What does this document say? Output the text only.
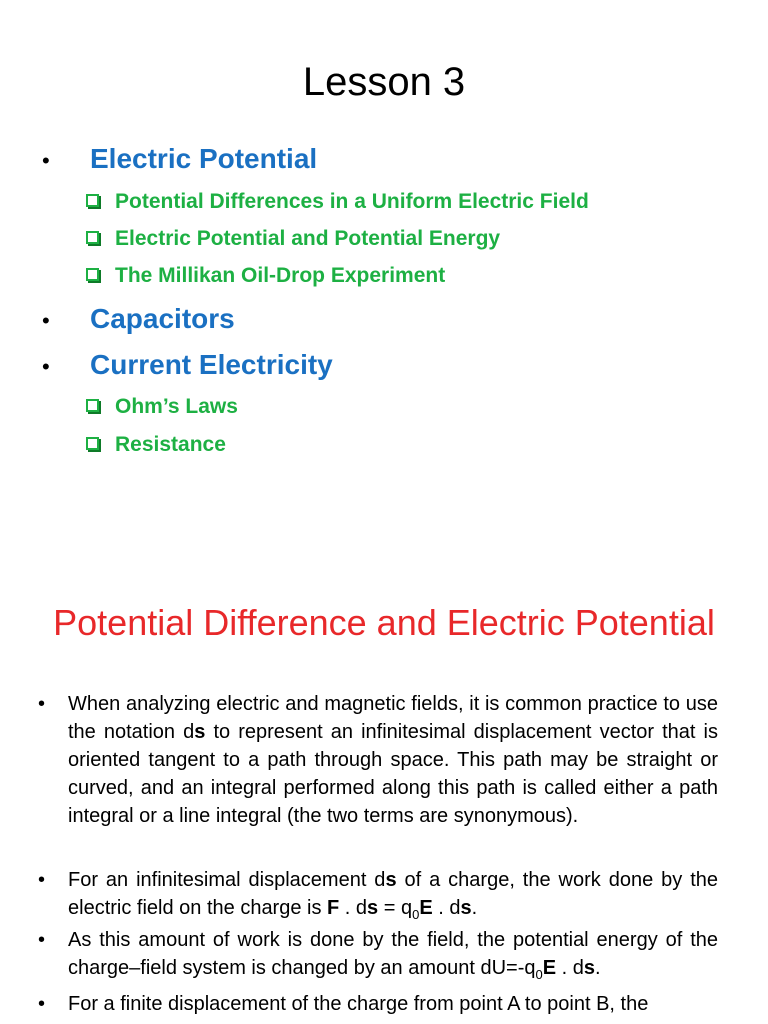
Lesson 3
• Electric Potential
Potential Differences in a Uniform Electric Field
Electric Potential and Potential Energy
The Millikan Oil-Drop Experiment
• Capacitors
• Current Electricity
Ohm’s Laws
Resistance
Potential Difference and Electric Potential

• When analyzing electric and magnetic fields, it is common practice to use the notation ds to represent an infinitesimal displacement vector that is oriented tangent to a path through space. This path may be straight or curved, and an integral performed along this path is called either a path integral or a line integral (the two terms are synonymous).

• For an infinitesimal displacement ds of a charge, the work done by the electric field on the charge is F . ds = $q_0E$ . ds.

• As this amount of work is done by the field, the potential energy of the charge–field system is changed by an amount $dU=-q_0E$ . ds.

• For a finite displacement of the charge from point A to point B, the
